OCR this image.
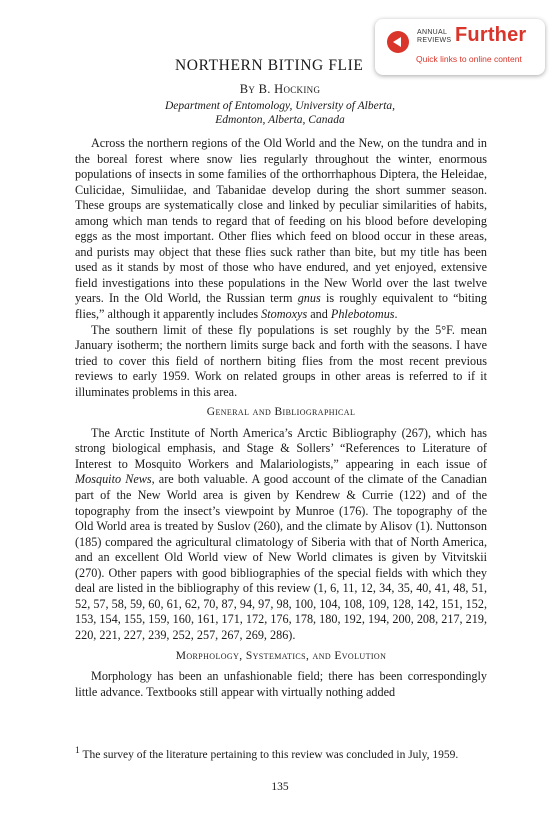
NORTHERN BITING FLIE
By B. Hocking
Department of Entomology, University of Alberta,
Edmonton, Alberta, Canada

Across the northern regions of the Old World and the New, on the tundra and in the boreal forest where snow lies regularly throughout the winter, enormous populations of insects in some families of the orthorrhaphous Diptera, the Heleidae, Culicidae, Simuliidae, and Tabanidae develop during the short summer season. These groups are systematically close and linked by peculiar similarities of habits, among which man tends to regard that of feeding on his blood before developing eggs as the most important. Other flies which feed on blood occur in these areas, and purists may object that these flies suck rather than bite, but my title has been used as it stands by most of those who have endured, and yet enjoyed, extensive field investigations into these populations in the New World over the last twelve years. In the Old World, the Russian term gnus is roughly equivalent to “biting flies,” although it apparently includes Stomoxys and Phlebotomus.

The southern limit of these fly populations is set roughly by the 5°F. mean January isotherm; the northern limits surge back and forth with the seasons. I have tried to cover this field of northern biting flies from the most recent previous reviews to early 1959. Work on related groups in other areas is referred to if it illuminates problems in this area.

General and Bibliographical

The Arctic Institute of North America’s Arctic Bibliography (267), which has strong biological emphasis, and Stage & Sollers’ “References to Literature of Interest to Mosquito Workers and Malariologists,” appearing in each issue of Mosquito News, are both valuable. A good account of the climate of the Canadian part of the New World area is given by Kendrew & Currie (122) and of the topography from the insect’s viewpoint by Munroe (176). The topography of the Old World area is treated by Suslov (260), and the climate by Alisov (1). Nuttonson (185) compared the agricultural climatology of Siberia with that of North America, and an excellent Old World view of New World climates is given by Vitvitskii (270). Other papers with good bibliographies of the special fields with which they deal are listed in the bibliography of this review (1, 6, 11, 12, 34, 35, 40, 41, 48, 51, 52, 57, 58, 59, 60, 61, 62, 70, 87, 94, 97, 98, 100, 104, 108, 109, 128, 142, 151, 152, 153, 154, 155, 159, 160, 161, 171, 172, 176, 178, 180, 192, 194, 200, 208, 217, 219, 220, 221, 227, 239, 252, 257, 267, 269, 286).

Morphology, Systematics, and Evolution

Morphology has been an unfashionable field; there has been correspondingly little advance. Textbooks still appear with virtually nothing added

$^1$ The survey of the literature pertaining to this review was concluded in July, 1959.
135
ANNUAL
REVIEWS Further
Quick links to online content
